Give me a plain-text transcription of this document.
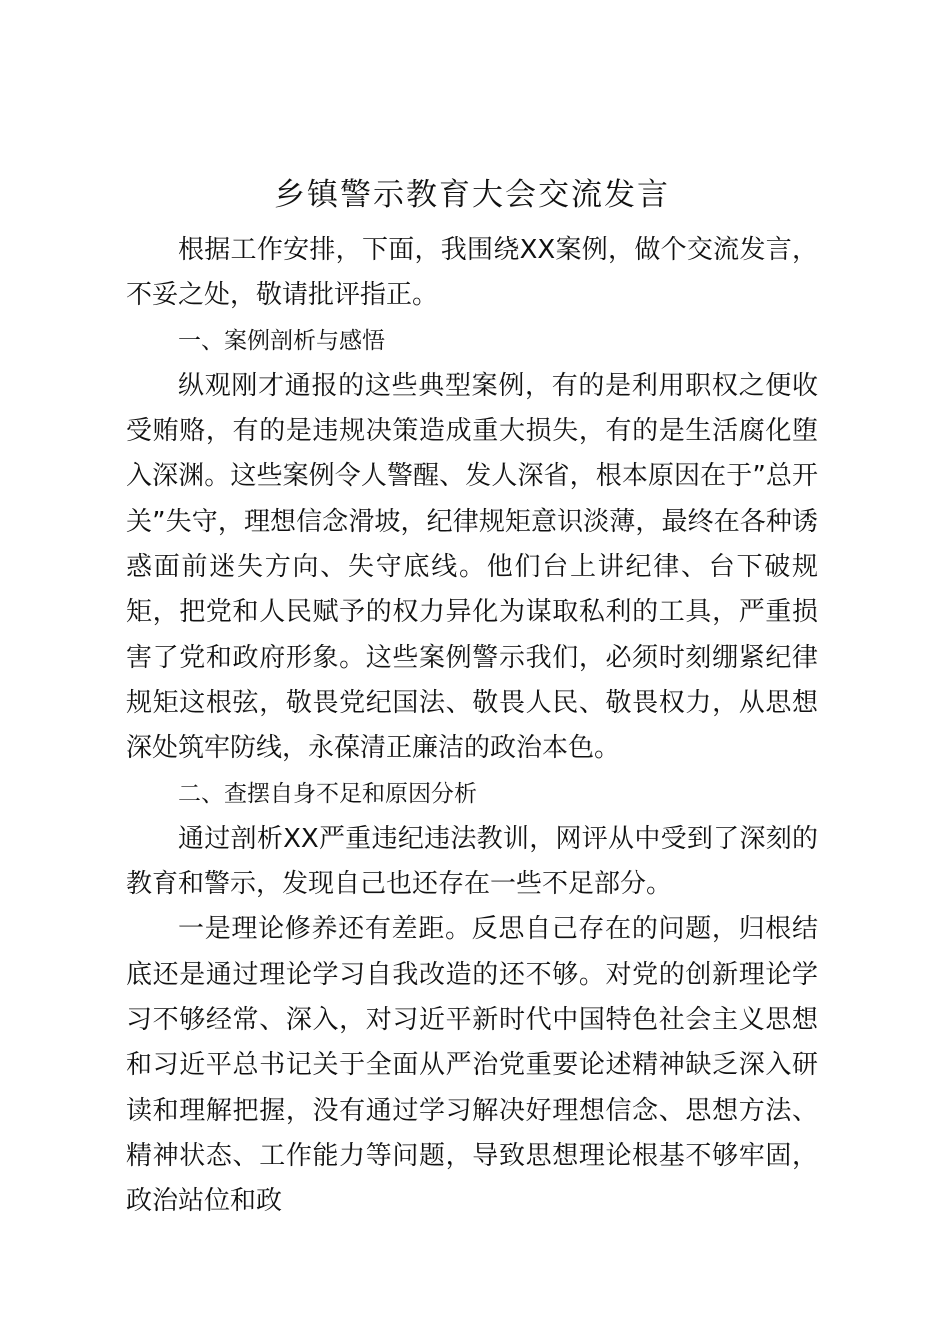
乡镇警示教育大会交流发言

根据工作安排，下面，我围绕XX案例，做个交流发言，不妥之处，敬请批评指正。

一、案例剖析与感悟

纵观刚才通报的这些典型案例，有的是利用职权之便收受贿赂，有的是违规决策造成重大损失，有的是生活腐化堕入深渊。这些案例令人警醒、发人深省，根本原因在于”总开关”失守，理想信念滑坡，纪律规矩意识淡薄，最终在各种诱惑面前迷失方向、失守底线。他们台上讲纪律、台下破规矩，把党和人民赋予的权力异化为谋取私利的工具，严重损害了党和政府形象。这些案例警示我们，必须时刻绷紧纪律规矩这根弦，敬畏党纪国法、敬畏人民、敬畏权力，从思想深处筑牢防线，永葆清正廉洁的政治本色。

二、查摆自身不足和原因分析

通过剖析XX严重违纪违法教训，网评从中受到了深刻的教育和警示，发现自己也还存在一些不足部分。

一是理论修养还有差距。反思自己存在的问题，归根结底还是通过理论学习自我改造的还不够。对党的创新理论学习不够经常、深入，对习近平新时代中国特色社会主义思想和习近平总书记关于全面从严治党重要论述精神缺乏深入研读和理解把握，没有通过学习解决好理想信念、思想方法、精神状态、工作能力等问题，导致思想理论根基不够牢固，政治站位和政
